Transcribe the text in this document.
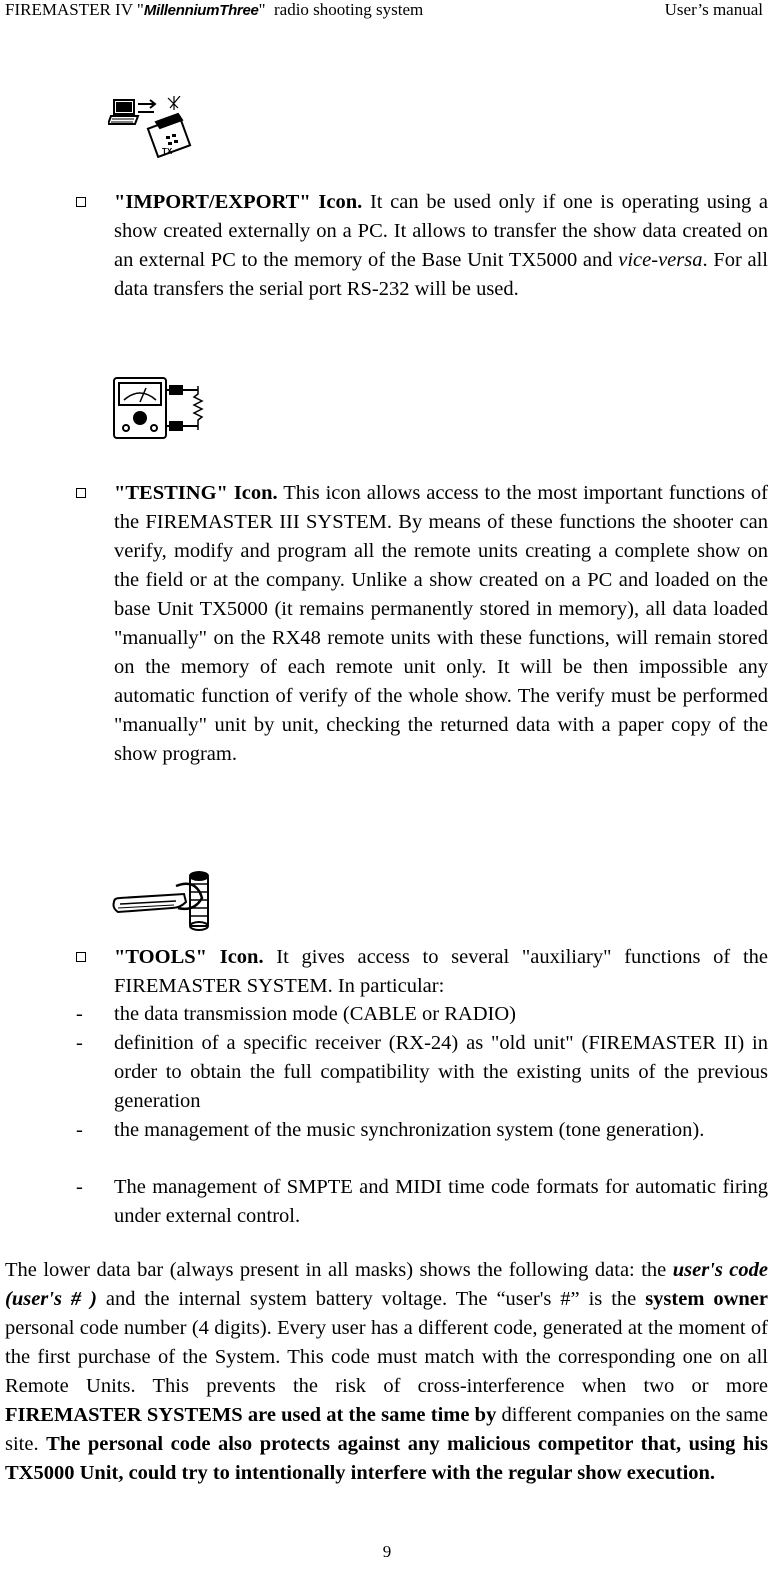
FIREMASTER IV "MillenniumThree"  radio shooting system	User’s manual
TX
"IMPORT/EXPORT" Icon. It can be used only if one is operating using a show created externally on a PC. It allows to transfer the show data created on an external PC to the memory of the Base Unit TX5000 and vice-versa. For all data transfers the serial port RS-232 will be used.
"TESTING" Icon. This icon allows access to the most important functions of the FIREMASTER III SYSTEM. By means of these functions the shooter can verify, modify and program all the remote units creating a complete show on the field or at the company. Unlike a show created on a PC and loaded on the base Unit TX5000 (it remains permanently stored in memory), all data loaded "manually" on the RX48 remote units with these functions, will remain stored on the memory of each remote unit only. It will be then impossible any automatic function of verify of the whole show. The verify must be performed "manually" unit by unit, checking the returned data with a paper copy of the show program.
"TOOLS" Icon. It gives access to several "auxiliary" functions of the FIREMASTER SYSTEM. In particular:
- the data transmission mode (CABLE or RADIO)
- definition of a specific receiver (RX-24) as "old unit" (FIREMASTER II) in order to obtain the full compatibility with the existing units of the previous generation
- the management of the music synchronization system (tone generation).
- The management of SMPTE and MIDI time code formats for automatic firing under external control.
The lower data bar (always present in all masks) shows the following data: the user's code (user's # ) and the internal system battery voltage. The “user's #” is the system owner personal code number (4 digits). Every user has a different code, generated at the moment of the first purchase of the System. This code must match with the corresponding one on all Remote Units. This prevents the risk of cross-interference when two or more FIREMASTER SYSTEMS are used at the same time by different companies on the same site. The personal code also protects against any malicious competitor that, using his TX5000 Unit, could try to intentionally interfere with the regular show execution.
9
